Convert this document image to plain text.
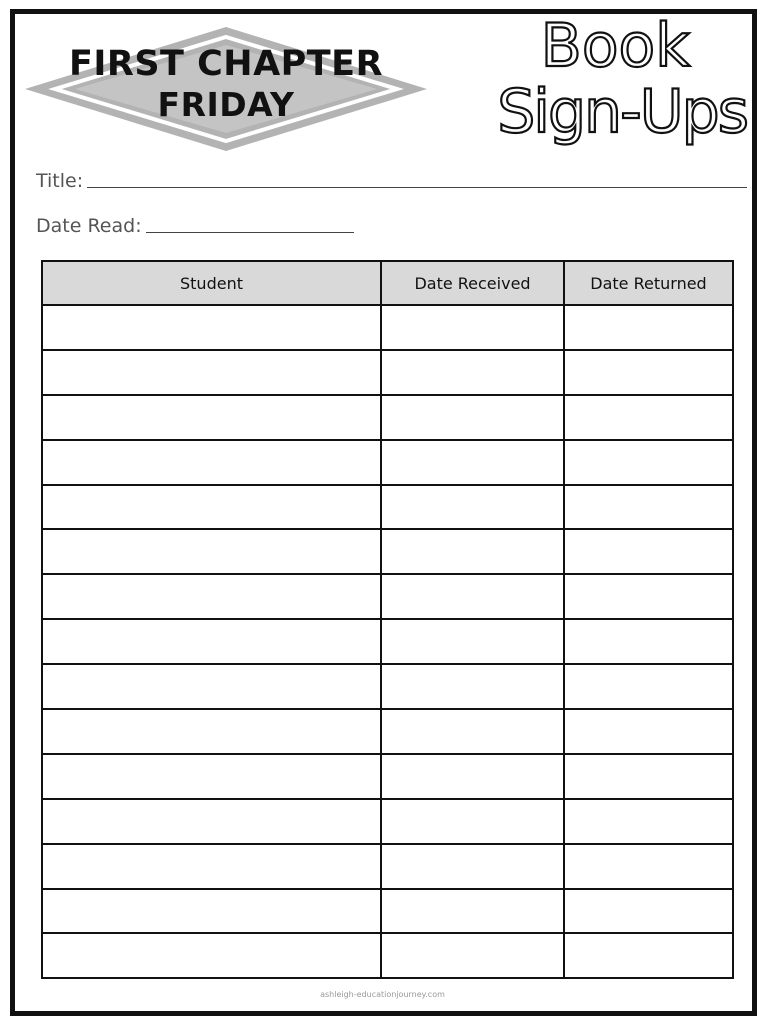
FIRST CHAPTER
FRIDAY
Book
Sign-Ups
Title:
Date Read:
Student	Date Received	Date Returned

ashleigh-educationjourney.com
